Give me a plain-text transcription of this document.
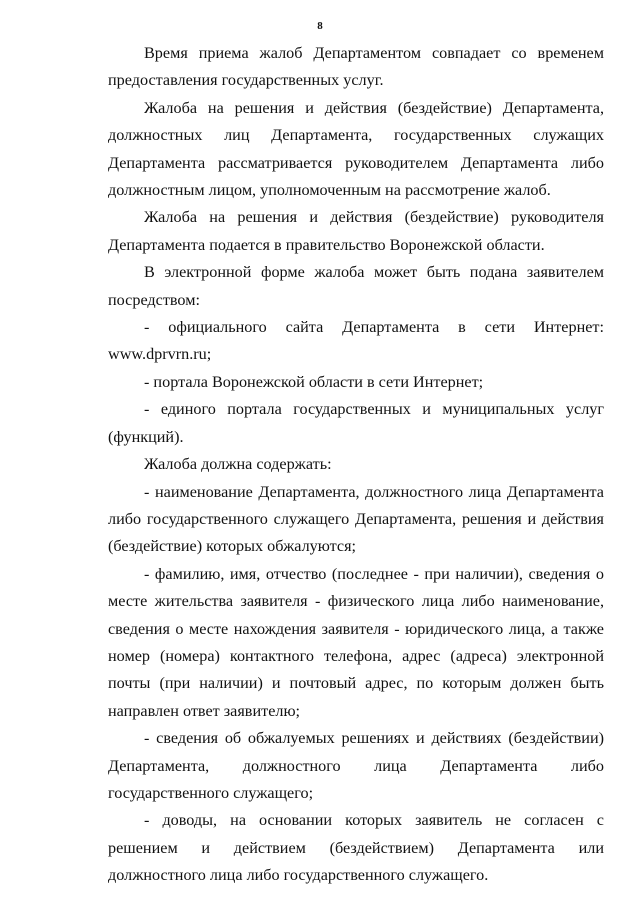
8

Время приема жалоб Департаментом совпадает со временем предоставления государственных услуг.

Жалоба на решения и действия (бездействие) Департамента, должностных лиц Департамента, государственных служащих Департамента рассматривается руководителем Департамента либо должностным лицом, уполномоченным на рассмотрение жалоб.

Жалоба на решения и действия (бездействие) руководителя Департамента подается в правительство Воронежской области.

В электронной форме жалоба может быть подана заявителем посредством:

- официального сайта Департамента в сети Интернет: www.dprvrn.ru;

- портала Воронежской области в сети Интернет;

- единого портала государственных и муниципальных услуг (функций).

Жалоба должна содержать:

- наименование Департамента, должностного лица Департамента либо государственного служащего Департамента, решения и действия (бездействие) которых обжалуются;

- фамилию, имя, отчество (последнее - при наличии), сведения о месте жительства заявителя - физического лица либо наименование, сведения о месте нахождения заявителя - юридического лица, а также номер (номера) контактного телефона, адрес (адреса) электронной почты (при наличии) и почтовый адрес, по которым должен быть направлен ответ заявителю;

- сведения об обжалуемых решениях и действиях (бездействии) Департамента, должностного лица Департамента либо государственного служащего;

- доводы, на основании которых заявитель не согласен с решением и действием (бездействием) Департамента или должностного лица либо государственного служащего.
